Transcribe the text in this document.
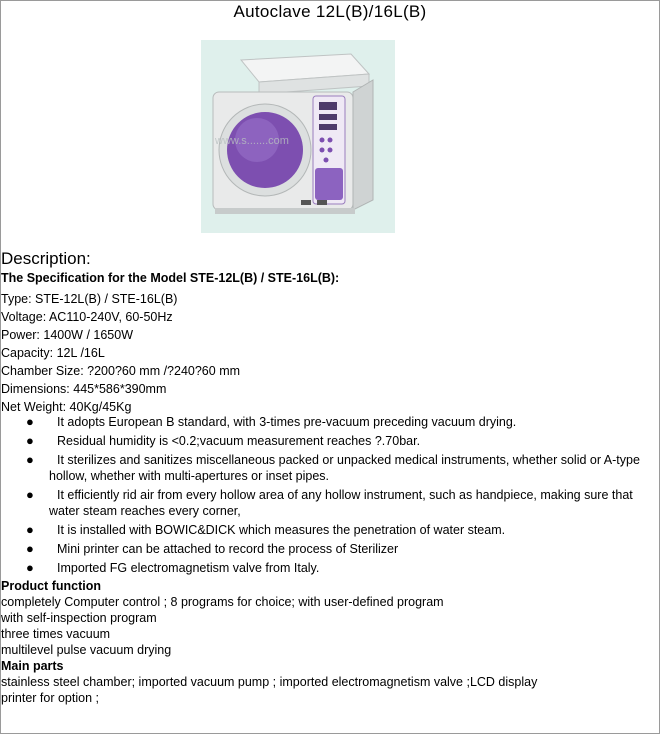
Autoclave 12L(B)/16L(B)
www.s.......com
Description:
The Specification for the Model STE-12L(B) / STE-16L(B):
Type: STE-12L(B) / STE-16L(B)
Voltage: AC110-240V, 60-50Hz
Power: 1400W / 1650W
Capacity: 12L /16L
Chamber Size: ?200?60 mm /?240?60 mm
Dimensions: 445*586*390mm
Net Weight: 40Kg/45Kg
●	It adopts European B standard, with 3-times pre-vacuum preceding vacuum drying.
●	Residual humidity is <0.2;vacuum measurement reaches ?.70bar.
●	It sterilizes and sanitizes miscellaneous packed or unpacked medical instruments, whether solid or A-type hollow, whether with multi-apertures or inset pipes.
●	It efficiently rid air from every hollow area of any hollow instrument, such as handpiece, making sure that water steam reaches every corner,
●	It is installed with BOWIC&DICK which measures the penetration of water steam.
●	Mini printer can be attached to record the process of Sterilizer
●	Imported FG electromagnetism valve from Italy.
Product function
completely Computer control ; 8 programs for choice; with user-defined program
with self-inspection program
three times vacuum
multilevel pulse vacuum drying
Main parts
stainless steel chamber; imported vacuum pump ; imported electromagnetism valve ;LCD display
printer for option ;
